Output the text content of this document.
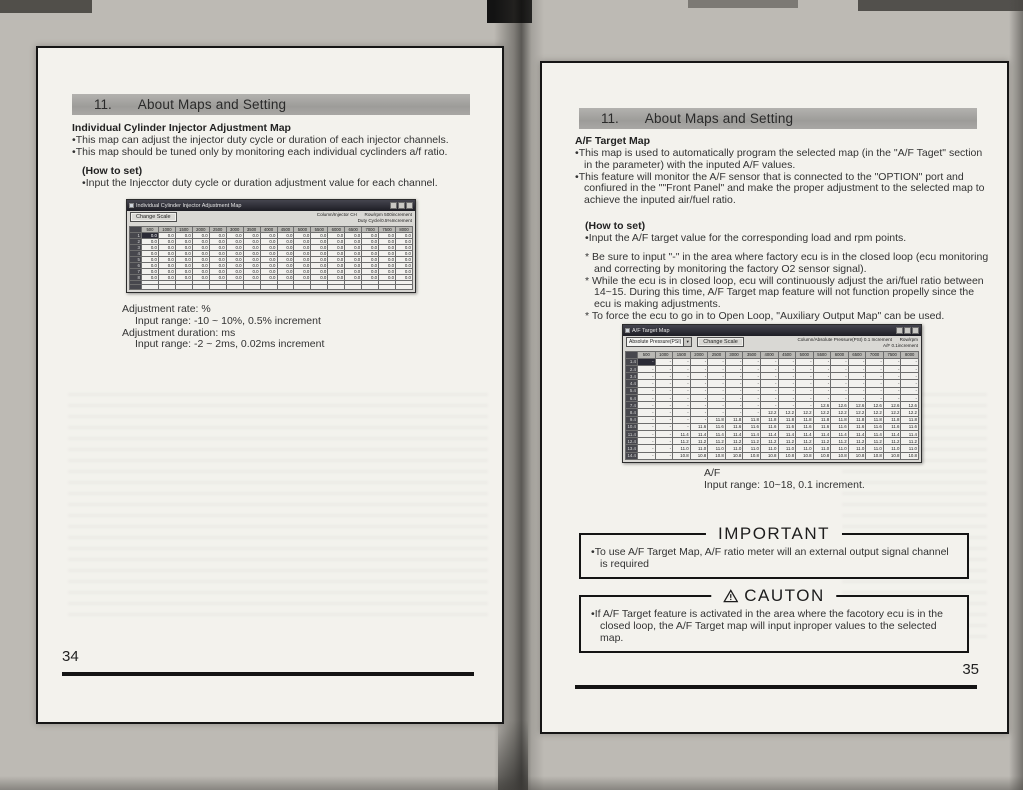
11. About Maps and Setting
Individual Cylinder Injector Adjustment Map

• This map can adjust the injector duty cycle or duration of each injector channels.

• This map should be tuned only by monitoring each individual cyclinders a/f ratio.

(How to set)

• Input the Injecctor duty cycle or duration adjustment value for each channel.

Individual Cylinder Injector Adjustment Map
Change Scale	Column/Injector CH      Row/rpm 500increment
Duty Cycle/0.5%Increment
	500	1000	1500	2000	2500	3000	3500	4000	4500	5000	5500	6000	6500	7000	7500	8000
1	0.0	0.0	0.0	0.0	0.0	0.0	0.0	0.0	0.0	0.0	0.0	0.0	0.0	0.0	0.0	0.0
2	0.0	0.0	0.0	0.0	0.0	0.0	0.0	0.0	0.0	0.0	0.0	0.0	0.0	0.0	0.0	0.0
3	0.0	0.0	0.0	0.0	0.0	0.0	0.0	0.0	0.0	0.0	0.0	0.0	0.0	0.0	0.0	0.0
4	0.0	0.0	0.0	0.0	0.0	0.0	0.0	0.0	0.0	0.0	0.0	0.0	0.0	0.0	0.0	0.0
5	0.0	0.0	0.0	0.0	0.0	0.0	0.0	0.0	0.0	0.0	0.0	0.0	0.0	0.0	0.0	0.0
6	0.0	0.0	0.0	0.0	0.0	0.0	0.0	0.0	0.0	0.0	0.0	0.0	0.0	0.0	0.0	0.0
7	0.0	0.0	0.0	0.0	0.0	0.0	0.0	0.0	0.0	0.0	0.0	0.0	0.0	0.0	0.0	0.0
8	0.0	0.0	0.0	0.0	0.0	0.0	0.0	0.0	0.0	0.0	0.0	0.0	0.0	0.0	0.0	0.0

Adjustment rate: %

Input range: -10 ~ 10%, 0.5% increment

Adjustment duration: ms

Input range: -2 ~ 2ms, 0.02ms increment

34
11. About Maps and Setting
A/F Target Map

• This map is used to automatically program the selected map (in the "A/F Taget" section in the parameter) with the inputed A/F values.

• This feature will monitor the A/F sensor that is connected to the "OPTION" port and confiured in the ""Front Panel" and make the proper adjustment to the selected map to achieve the inputed air/fuel ratio.

(How to set)

• Input the A/F target value for the corresponding load and rpm points.

* Be sure to input "-" in the area where factory ecu is in the closed loop (ecu monitoring and correcting by monitoring the factory O2 sensor signal).

* While the ecu is in closed loop, ecu will continuously adjust the ari/fuel ratio between 14~15. During this time, A/F Target map feature will not function propelly since the ecu is making adjustments.

* To force the ecu to go in to Open Loop, "Auxiliary Output Map" can be used.

A/F Target Map
Absolute Pressure(PSI)	▼	Change Scale	Column/Absolute Pressure(PSI) 0.1 Increment      Row/rpm
A/F 0.1increment
	500	1000	1500	2000	2500	3000	3500	4000	4500	5000	5500	6000	6500	7000	7500	8000
1.4	-	-	-	-	-	-	-	-	-	-	-	-	-	-	-	-
2.4	-	-	-	-	-	-	-	-	-	-	-	-	-	-	-	-
3.4	-	-	-	-	-	-	-	-	-	-	-	-	-	-	-	-
4.4	-	-	-	-	-	-	-	-	-	-	-	-	-	-	-	-
5.4	-	-	-	-	-	-	-	-	-	-	-	-	-	-	-	-
6.4	-	-	-	-	-	-	-	-	-	-	-	-	-	-	-	-
7.4	-	-	-	-	-	-	-	-	-	-	12.6	12.6	12.6	12.6	12.6	12.6
8.4	-	-	-	-	-	-	-	12.2	12.2	12.2	12.2	12.2	12.2	12.2	12.2	12.2
9.4	-	-	-	-	11.8	11.8	11.8	11.8	11.8	11.8	11.8	11.8	11.8	11.8	11.8	11.8
10.4	-	-	-	11.6	11.6	11.6	11.6	11.6	11.6	11.6	11.6	11.6	11.6	11.6	11.6	11.6
11.4	-	-	11.4	11.4	11.4	11.4	11.4	11.4	11.4	11.4	11.4	11.4	11.4	11.4	11.4	11.4
12.4	-	-	11.2	11.2	11.2	11.2	11.2	11.2	11.2	11.2	11.2	11.2	11.2	11.2	11.2	11.2
13.4	-	-	11.0	11.0	11.0	11.0	11.0	11.0	11.0	11.0	11.0	11.0	11.0	11.0	11.0	11.0
14.4	-	-	10.8	10.8	10.8	10.8	10.8	10.8	10.8	10.8	10.8	10.8	10.8	10.8	10.8	10.8

A/F

Input range: 10~18, 0.1 increment.

IMPORTANT
• To use A/F Target Map, A/F ratio meter will an external output signal channel is required
CAUTON
• If A/F Target feature is activated in the area where the facotory ecu is in the closed loop, the A/F Target map will input inproper values to the selected map.
35
